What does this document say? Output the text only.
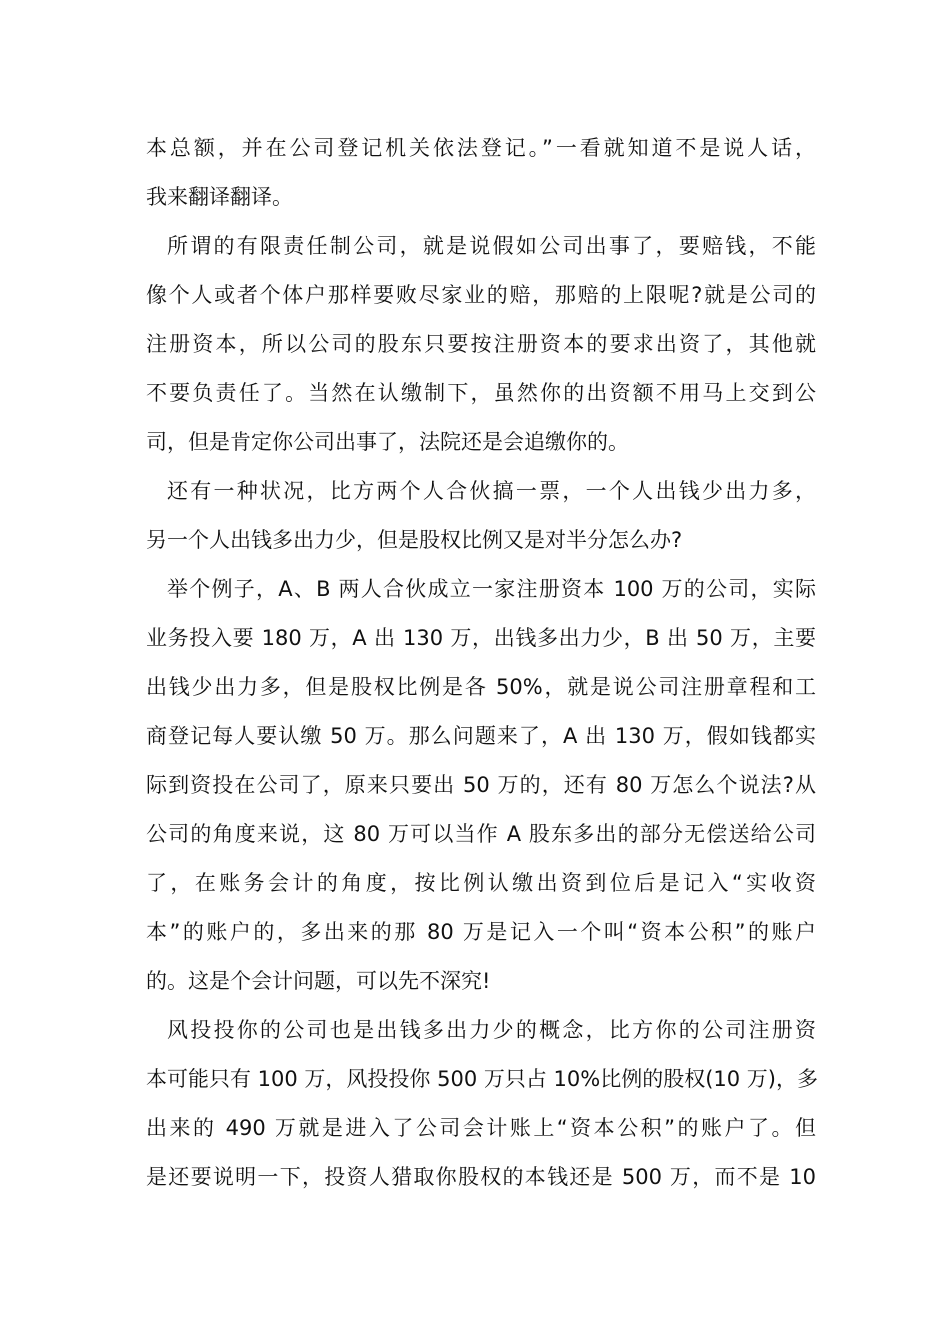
本总额，并在公司登记机关依法登记。”一看就知道不是说人话，
我来翻译翻译。
所谓的有限责任制公司，就是说假如公司出事了，要赔钱，不能
像个人或者个体户那样要败尽家业的赔，那赔的上限呢?就是公司的
注册资本，所以公司的股东只要按注册资本的要求出资了，其他就
不要负责任了。当然在认缴制下，虽然你的出资额不用马上交到公
司，但是肯定你公司出事了，法院还是会追缴你的。
还有一种状况，比方两个人合伙搞一票，一个人出钱少出力多，
另一个人出钱多出力少，但是股权比例又是对半分怎么办?
举个例子，A、B 两人合伙成立一家注册资本 100 万的公司，实际
业务投入要 180 万，A 出 130 万，出钱多出力少，B 出 50 万，主要
出钱少出力多，但是股权比例是各 50%，就是说公司注册章程和工
商登记每人要认缴 50 万。那么问题来了，A 出 130 万，假如钱都实
际到资投在公司了，原来只要出 50 万的，还有 80 万怎么个说法?从
公司的角度来说，这 80 万可以当作 A 股东多出的部分无偿送给公司
了，在账务会计的角度，按比例认缴出资到位后是记入“实收资
本”的账户的，多出来的那 80 万是记入一个叫“资本公积”的账户
的。这是个会计问题，可以先不深究!
风投投你的公司也是出钱多出力少的概念，比方你的公司注册资
本可能只有 100 万，风投投你 500 万只占 10%比例的股权(10 万)，多
出来的 490 万就是进入了公司会计账上“资本公积”的账户了。但
是还要说明一下，投资人猎取你股权的本钱还是 500 万，而不是 10
